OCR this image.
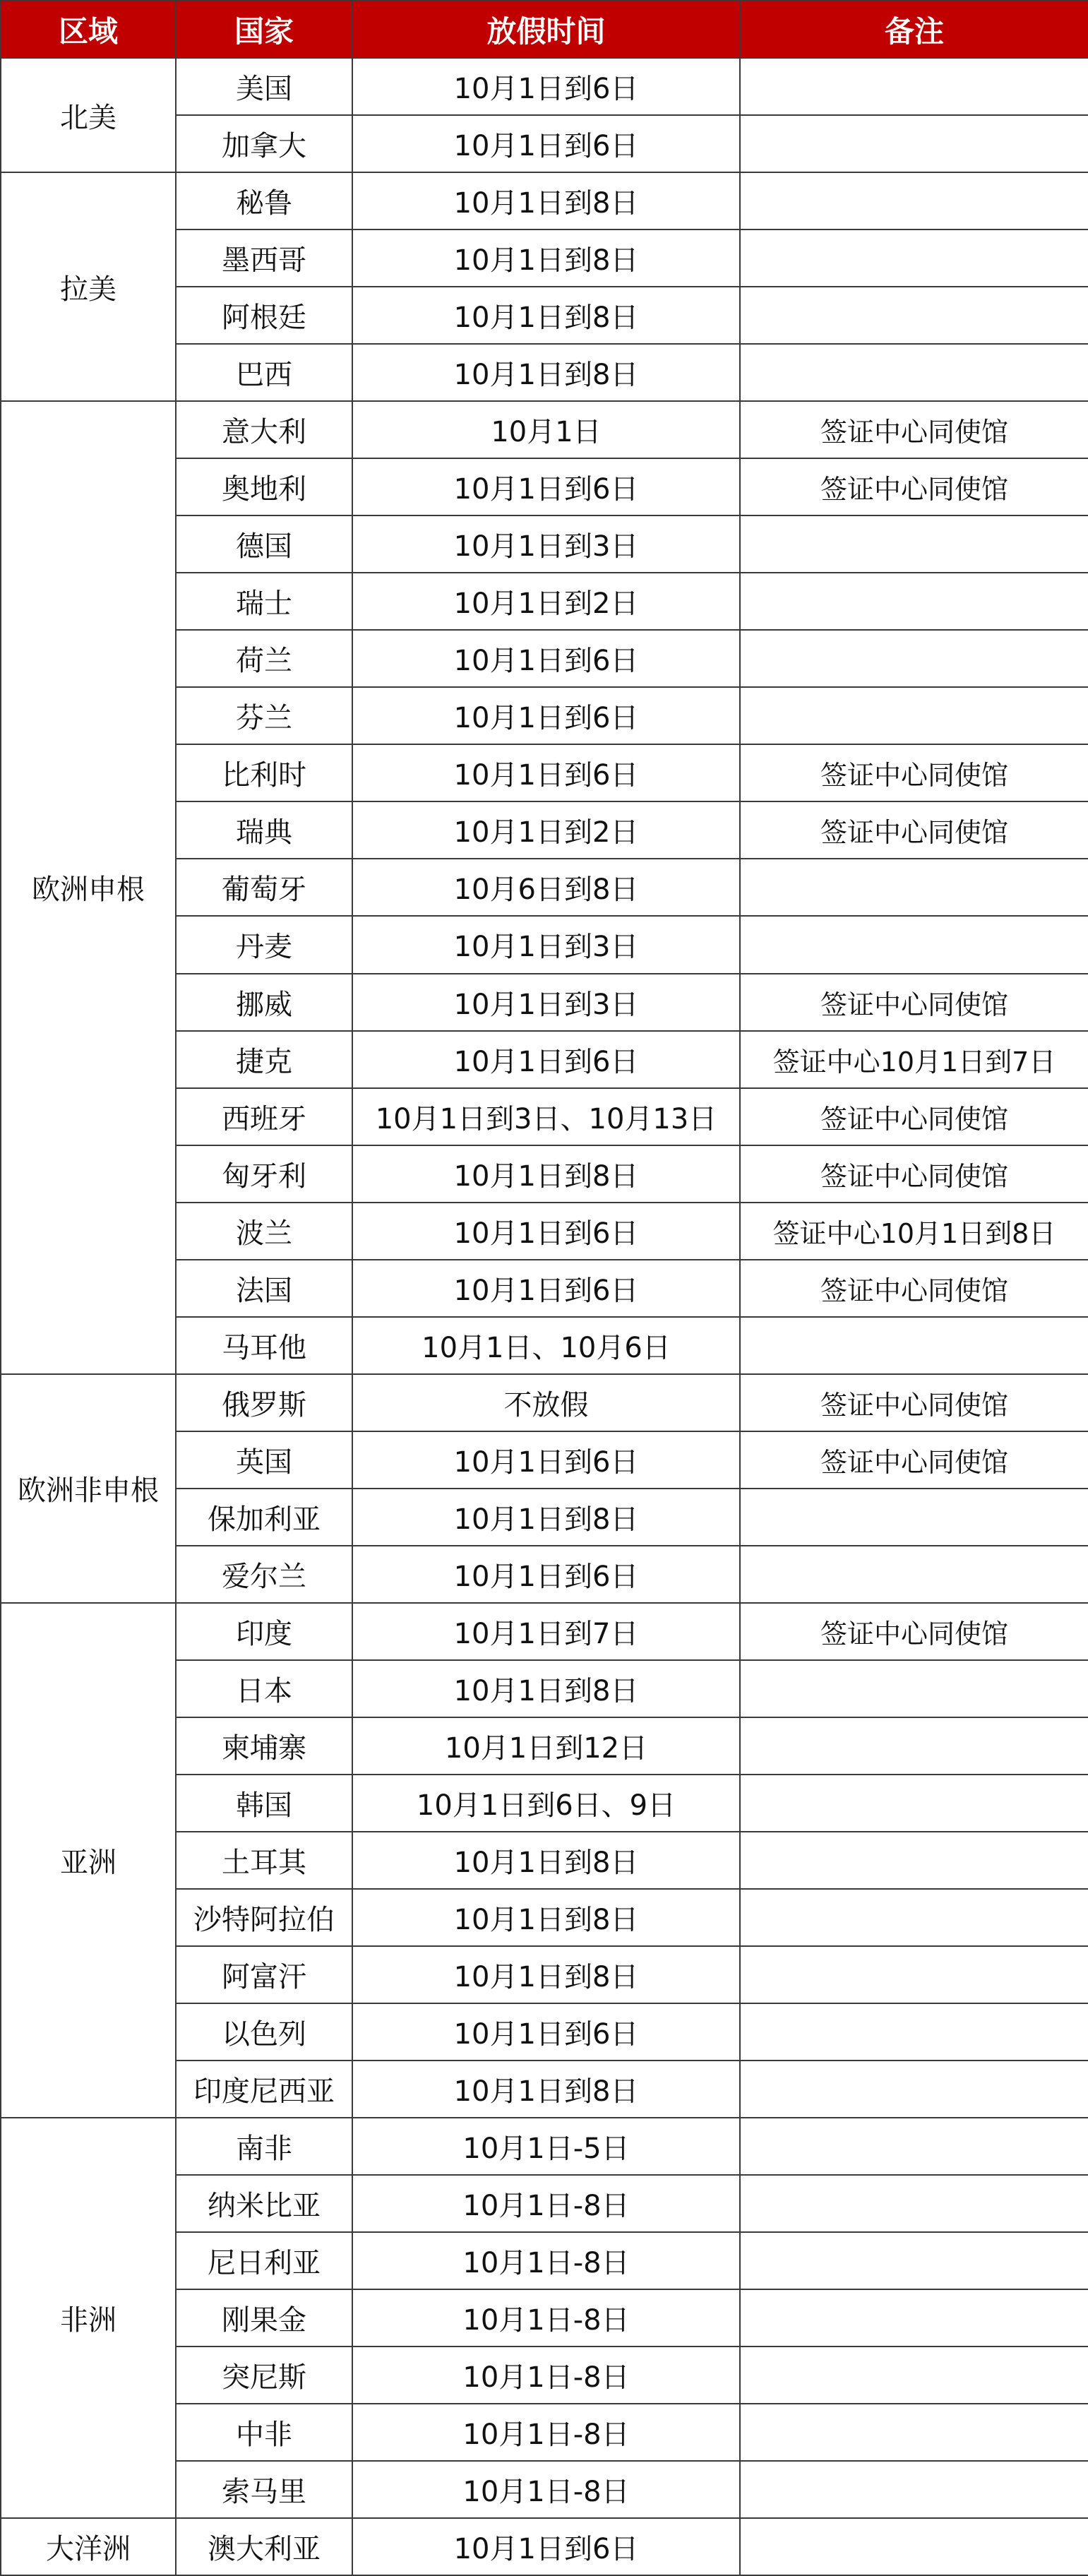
区域	国家	放假时间	备注
北美	美国	10月1日到6日	
	加拿大	10月1日到6日	
拉美	秘鲁	10月1日到8日	
	墨西哥	10月1日到8日	
	阿根廷	10月1日到8日	
	巴西	10月1日到8日	
欧洲申根	意大利	10月1日	签证中心同使馆
	奥地利	10月1日到6日	签证中心同使馆
	德国	10月1日到3日	
	瑞士	10月1日到2日	
	荷兰	10月1日到6日	
	芬兰	10月1日到6日	
	比利时	10月1日到6日	签证中心同使馆
	瑞典	10月1日到2日	签证中心同使馆
	葡萄牙	10月6日到8日	
	丹麦	10月1日到3日	
	挪威	10月1日到3日	签证中心同使馆
	捷克	10月1日到6日	签证中心10月1日到7日
	西班牙	10月1日到3日、10月13日	签证中心同使馆
	匈牙利	10月1日到8日	签证中心同使馆
	波兰	10月1日到6日	签证中心10月1日到8日
	法国	10月1日到6日	签证中心同使馆
	马耳他	10月1日、10月6日	
欧洲非申根	俄罗斯	不放假	签证中心同使馆
	英国	10月1日到6日	签证中心同使馆
	保加利亚	10月1日到8日	
	爱尔兰	10月1日到6日	
亚洲	印度	10月1日到7日	签证中心同使馆
	日本	10月1日到8日	
	柬埔寨	10月1日到12日	
	韩国	10月1日到6日、9日	
	土耳其	10月1日到8日	
	沙特阿拉伯	10月1日到8日	
	阿富汗	10月1日到8日	
	以色列	10月1日到6日	
	印度尼西亚	10月1日到8日	
非洲	南非	10月1日-5日	
	纳米比亚	10月1日-8日	
	尼日利亚	10月1日-8日	
	刚果金	10月1日-8日	
	突尼斯	10月1日-8日	
	中非	10月1日-8日	
	索马里	10月1日-8日	
大洋洲	澳大利亚	10月1日到6日	
